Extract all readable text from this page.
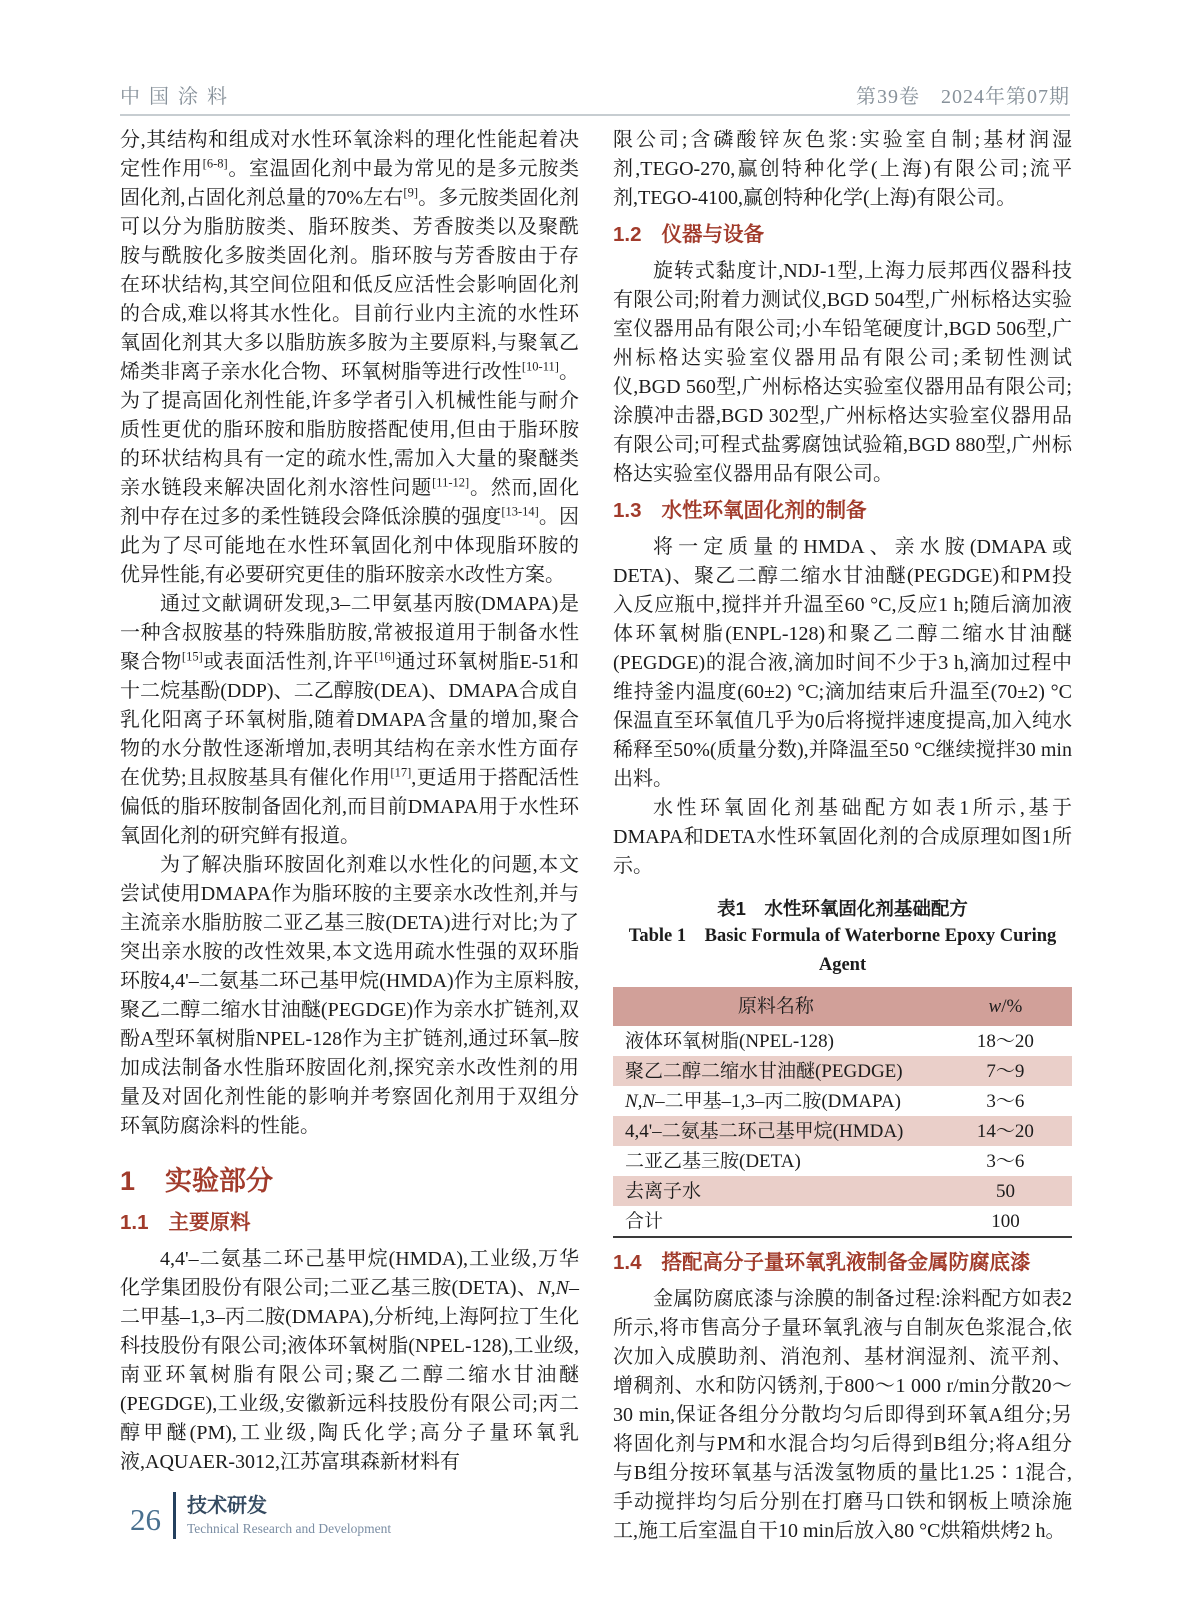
中国涂料	第39卷　2024年第07期

分,其结构和组成对水性环氧涂料的理化性能起着决定性作用[6-8]。室温固化剂中最为常见的是多元胺类固化剂,占固化剂总量的70%左右[9]。多元胺类固化剂可以分为脂肪胺类、脂环胺类、芳香胺类以及聚酰胺与酰胺化多胺类固化剂。脂环胺与芳香胺由于存在环状结构,其空间位阻和低反应活性会影响固化剂的合成,难以将其水性化。目前行业内主流的水性环氧固化剂其大多以脂肪族多胺为主要原料,与聚氧乙烯类非离子亲水化合物、环氧树脂等进行改性[10-11]。为了提高固化剂性能,许多学者引入机械性能与耐介质性更优的脂环胺和脂肪胺搭配使用,但由于脂环胺的环状结构具有一定的疏水性,需加入大量的聚醚类亲水链段来解决固化剂水溶性问题[11-12]。然而,固化剂中存在过多的柔性链段会降低涂膜的强度[13-14]。因此为了尽可能地在水性环氧固化剂中体现脂环胺的优异性能,有必要研究更佳的脂环胺亲水改性方案。

通过文献调研发现,3–二甲氨基丙胺(DMAPA)是一种含叔胺基的特殊脂肪胺,常被报道用于制备水性聚合物[15]或表面活性剂,许平[16]通过环氧树脂E-51和十二烷基酚(DDP)、二乙醇胺(DEA)、DMAPA合成自乳化阳离子环氧树脂,随着DMAPA含量的增加,聚合物的水分散性逐渐增加,表明其结构在亲水性方面存在优势;且叔胺基具有催化作用[17],更适用于搭配活性偏低的脂环胺制备固化剂,而目前DMAPA用于水性环氧固化剂的研究鲜有报道。

为了解决脂环胺固化剂难以水性化的问题,本文尝试使用DMAPA作为脂环胺的主要亲水改性剂,并与主流亲水脂肪胺二亚乙基三胺(DETA)进行对比;为了突出亲水胺的改性效果,本文选用疏水性强的双环脂环胺4,4'–二氨基二环己基甲烷(HMDA)作为主原料胺,聚乙二醇二缩水甘油醚(PEGDGE)作为亲水扩链剂,双酚A型环氧树脂NPEL-128作为主扩链剂,通过环氧–胺加成法制备水性脂环胺固化剂,探究亲水改性剂的用量及对固化剂性能的影响并考察固化剂用于双组分环氧防腐涂料的性能。

1 实验部分
1.1 主要原料

4,4'–二氨基二环己基甲烷(HMDA),工业级,万华化学集团股份有限公司;二亚乙基三胺(DETA)、N,N–二甲基–1,3–丙二胺(DMAPA),分析纯,上海阿拉丁生化科技股份有限公司;液体环氧树脂(NPEL-128),工业级,南亚环氧树脂有限公司;聚乙二醇二缩水甘油醚(PEGDGE),工业级,安徽新远科技股份有限公司;丙二醇甲醚(PM),工业级,陶氏化学;高分子量环氧乳液,AQUAER-3012,江苏富琪森新材料有

限公司;含磷酸锌灰色浆:实验室自制;基材润湿剂,TEGO-270,赢创特种化学(上海)有限公司;流平剂,TEGO-4100,赢创特种化学(上海)有限公司。

1.2 仪器与设备

旋转式黏度计,NDJ-1型,上海力辰邦西仪器科技有限公司;附着力测试仪,BGD 504型,广州标格达实验室仪器用品有限公司;小车铅笔硬度计,BGD 506型,广州标格达实验室仪器用品有限公司;柔韧性测试仪,BGD 560型,广州标格达实验室仪器用品有限公司;涂膜冲击器,BGD 302型,广州标格达实验室仪器用品有限公司;可程式盐雾腐蚀试验箱,BGD 880型,广州标格达实验室仪器用品有限公司。

1.3 水性环氧固化剂的制备

将一定质量的HMDA、亲水胺(DMAPA或DETA)、聚乙二醇二缩水甘油醚(PEGDGE)和PM投入反应瓶中,搅拌并升温至60 °C,反应1 h;随后滴加液体环氧树脂(ENPL-128)和聚乙二醇二缩水甘油醚(PEGDGE)的混合液,滴加时间不少于3 h,滴加过程中维持釜内温度(60±2) °C;滴加结束后升温至(70±2) °C保温直至环氧值几乎为0后将搅拌速度提高,加入纯水稀释至50%(质量分数),并降温至50 °C继续搅拌30 min出料。

水性环氧固化剂基础配方如表1所示,基于DMAPA和DETA水性环氧固化剂的合成原理如图1所示。

表1　水性环氧固化剂基础配方
Table 1　Basic Formula of Waterborne Epoxy Curing Agent
原料名称	w/%
液体环氧树脂(NPEL-128)	18～20
聚乙二醇二缩水甘油醚(PEGDGE)	7～9
N,N–二甲基–1,3–丙二胺(DMAPA)	3～6
4,4'–二氨基二环己基甲烷(HMDA)	14～20
二亚乙基三胺(DETA)	3～6
去离子水	50
合计	100
1.4 搭配高分子量环氧乳液制备金属防腐底漆

金属防腐底漆与涂膜的制备过程:涂料配方如表2所示,将市售高分子量环氧乳液与自制灰色浆混合,依次加入成膜助剂、消泡剂、基材润湿剂、流平剂、增稠剂、水和防闪锈剂,于800～1 000 r/min分散20～30 min,保证各组分分散均匀后即得到环氧A组分;另将固化剂与PM和水混合均匀后得到B组分;将A组分与B组分按环氧基与活泼氢物质的量比1.25∶1混合,手动搅拌均匀后分别在打磨马口铁和钢板上喷涂施工,施工后室温自干10 min后放入80 °C烘箱烘烤2 h。

26 技术研发
Technical Research and Development
